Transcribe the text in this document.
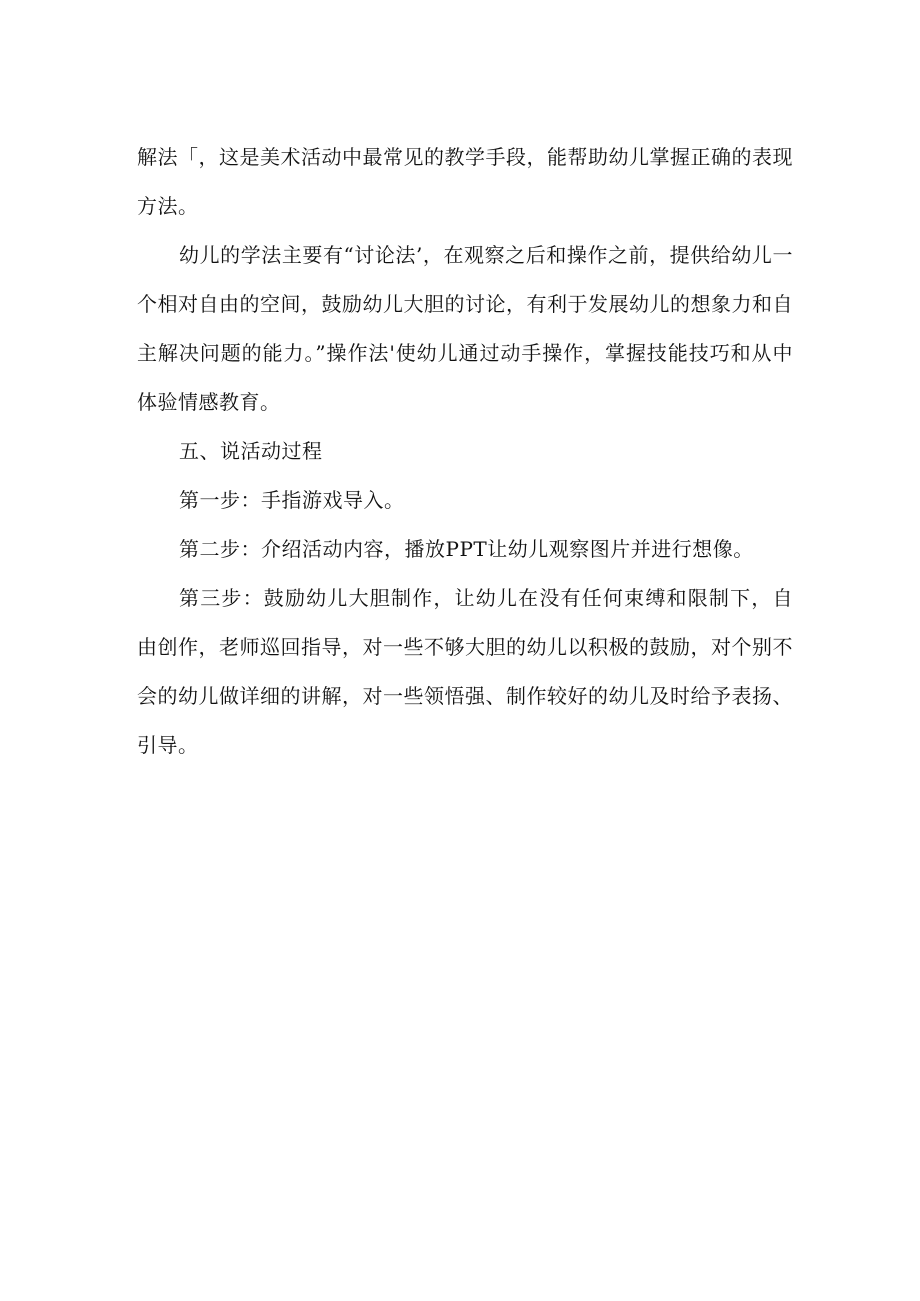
解法「，这是美术活动中最常见的教学手段，能帮助幼儿掌握正确的表现方法。

幼儿的学法主要有“讨论法’，在观察之后和操作之前，提供给幼儿一个相对自由的空间，鼓励幼儿大胆的讨论，有利于发展幼儿的想象力和自主解决问题的能力。”操作法'使幼儿通过动手操作，掌握技能技巧和从中体验情感教育。

五、说活动过程

第一步：手指游戏导入。

第二步：介绍活动内容，播放PPT让幼儿观察图片并进行想像。

第三步：鼓励幼儿大胆制作，让幼儿在没有任何束缚和限制下，自由创作，老师巡回指导，对一些不够大胆的幼儿以积极的鼓励，对个别不会的幼儿做详细的讲解，对一些领悟强、制作较好的幼儿及时给予表扬、引导。
